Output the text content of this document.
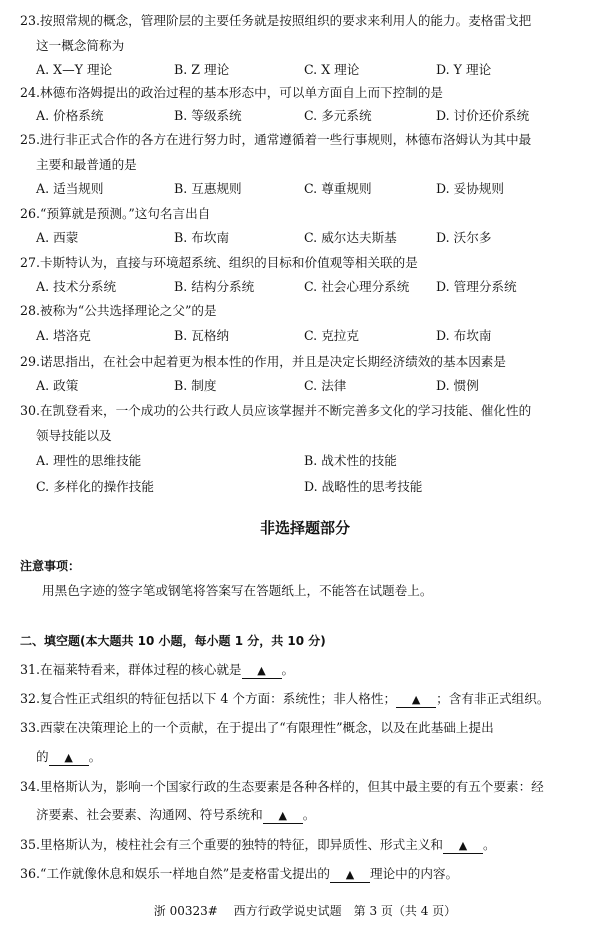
23.按照常规的概念，管理阶层的主要任务就是按照组织的要求来利用人的能力。麦格雷戈把
这一概念简称为
A. X—Y 理论	B. Z 理论	C. X 理论	D. Y 理论
24.林德布洛姆提出的政治过程的基本形态中，可以单方面自上而下控制的是
A. 价格系统	B. 等级系统	C. 多元系统	D. 讨价还价系统
25.进行非正式合作的各方在进行努力时，通常遵循着一些行事规则，林德布洛姆认为其中最
主要和最普通的是
A. 适当规则	B. 互惠规则	C. 尊重规则	D. 妥协规则
26.“预算就是预测。”这句名言出自
A. 西蒙	B. 布坎南	C. 威尔达夫斯基	D. 沃尔多
27.卡斯特认为，直接与环境超系统、组织的目标和价值观等相关联的是
A. 技术分系统	B. 结构分系统	C. 社会心理分系统 D. 管理分系统
28.被称为“公共选择理论之父”的是
A. 塔洛克	B. 瓦格纳	C. 克拉克	D. 布坎南
29.诺思指出，在社会中起着更为根本性的作用，并且是决定长期经济绩效的基本因素是
A. 政策	B. 制度	C. 法律	D. 惯例
30.在凯登看来，一个成功的公共行政人员应该掌握并不断完善多文化的学习技能、催化性的
领导技能以及
A. 理性的思维技能	B. 战术性的技能
C. 多样化的操作技能	D. 战略性的思考技能
非选择题部分
注意事项：
用黑色字迹的签字笔或钢笔将答案写在答题纸上，不能答在试题卷上。
二、填空题(本大题共 10 小题，每小题 1 分，共 10 分)
31.在福莱特看来，群体过程的核心就是 ▲ 。
32.复合性正式组织的特征包括以下 4 个方面：系统性；非人格性； ▲ ；含有非正式组织。
33.西蒙在决策理论上的一个贡献，在于提出了“有限理性”概念，以及在此基础上提出
的 ▲ 。
34.里格斯认为，影响一个国家行政的生态要素是各种各样的，但其中最主要的有五个要素：经
济要素、社会要素、沟通网、符号系统和 ▲ 。
35.里格斯认为，棱柱社会有三个重要的独特的特征，即异质性、形式主义和 ▲ 。
36.“工作就像休息和娱乐一样地自然”是麦格雷戈提出的 ▲ 理论中的内容。
浙 00323#　 西方行政学说史试题　第 3 页（共 4 页）
